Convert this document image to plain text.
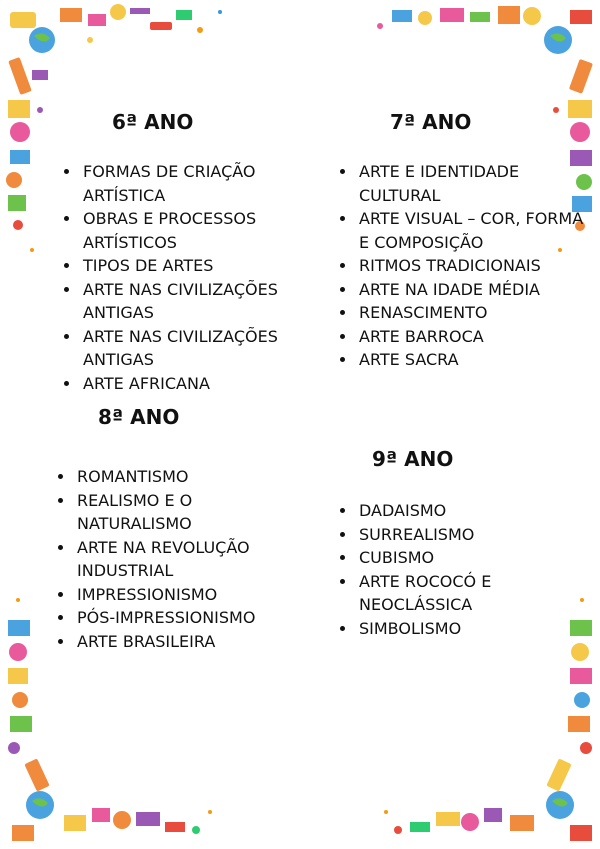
6ª ANO
• FORMAS DE CRIAÇÃO ARTÍSTICA
• OBRAS E PROCESSOS ARTÍSTICOS
• TIPOS DE ARTES
• ARTE NAS CIVILIZAÇÕES ANTIGAS
• ARTE NAS CIVILIZAÇÕES ANTIGAS
• ARTE AFRICANA
7ª ANO
• ARTE E IDENTIDADE CULTURAL
• ARTE VISUAL – COR, FORMA E COMPOSIÇÃO
• RITMOS TRADICIONAIS
• ARTE NA IDADE MÉDIA
• RENASCIMENTO
• ARTE BARROCA
• ARTE SACRA
8ª ANO
• ROMANTISMO
• REALISMO E O NATURALISMO
• ARTE NA REVOLUÇÃO INDUSTRIAL
• IMPRESSIONISMO
• PÓS-IMPRESSIONISMO
• ARTE BRASILEIRA
9ª ANO
• DADAISMO
• SURREALISMO
• CUBISMO
• ARTE ROCOCÓ E NEOCLÁSSICA
• SIMBOLISMO
